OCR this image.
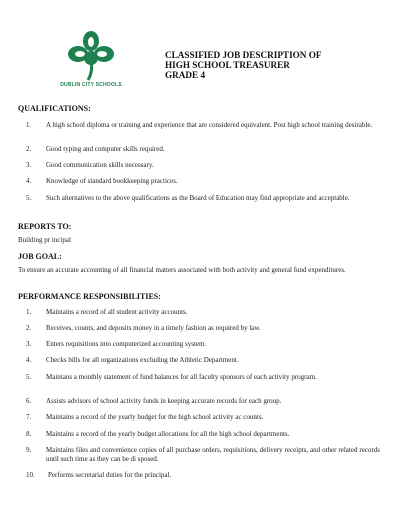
DUBLIN CITY SCHOOLS
CLASSIFIED JOB DESCRIPTION OF
HIGH SCHOOL TREASURER
GRADE 4
QUALIFICATIONS:
1.	A high school diploma or training and experience that are considered equivalent. Post high school training desirable.
2.	Good typing and computer skills required.
3.	Good communication skills necessary.
4.	Knowledge of standard bookkeeping practices.
5.	Such alternatives to the above qualifications as the Board of Education may find appropriate and acceptable.
REPORTS TO:
Building pr incipal
JOB GOAL:
To ensure an accurate accounting of all financial matters associated with both activity and general fund expenditures.
PERFORMANCE RESPONSIBILITIES:
1.	Maintains a record of all student activity accounts.
2.	Receives, counts, and deposits money in a timely fashion as required by law.
3.	Enters requisitions into computerized accounting system.
4.	Checks bills for all organizations excluding the Athletic Department.
5.	Maintans a monthly statement of fund balances for all faculty sponsors of each activity program.
6.	Assists advisors of school activity funds in keeping accurate records for each group.
7.	Maintains a record of the yearly budget for the high school activity ac counts.
8.	Maintains a record of the yearly budget allocations for all the high school departments.
9.	Maintains files and convenience copies of all purchase orders, requisitions, delivery receipts, and other related records until such time as they can be di sposed.
10.	Performs secretarial duties for the principal.
